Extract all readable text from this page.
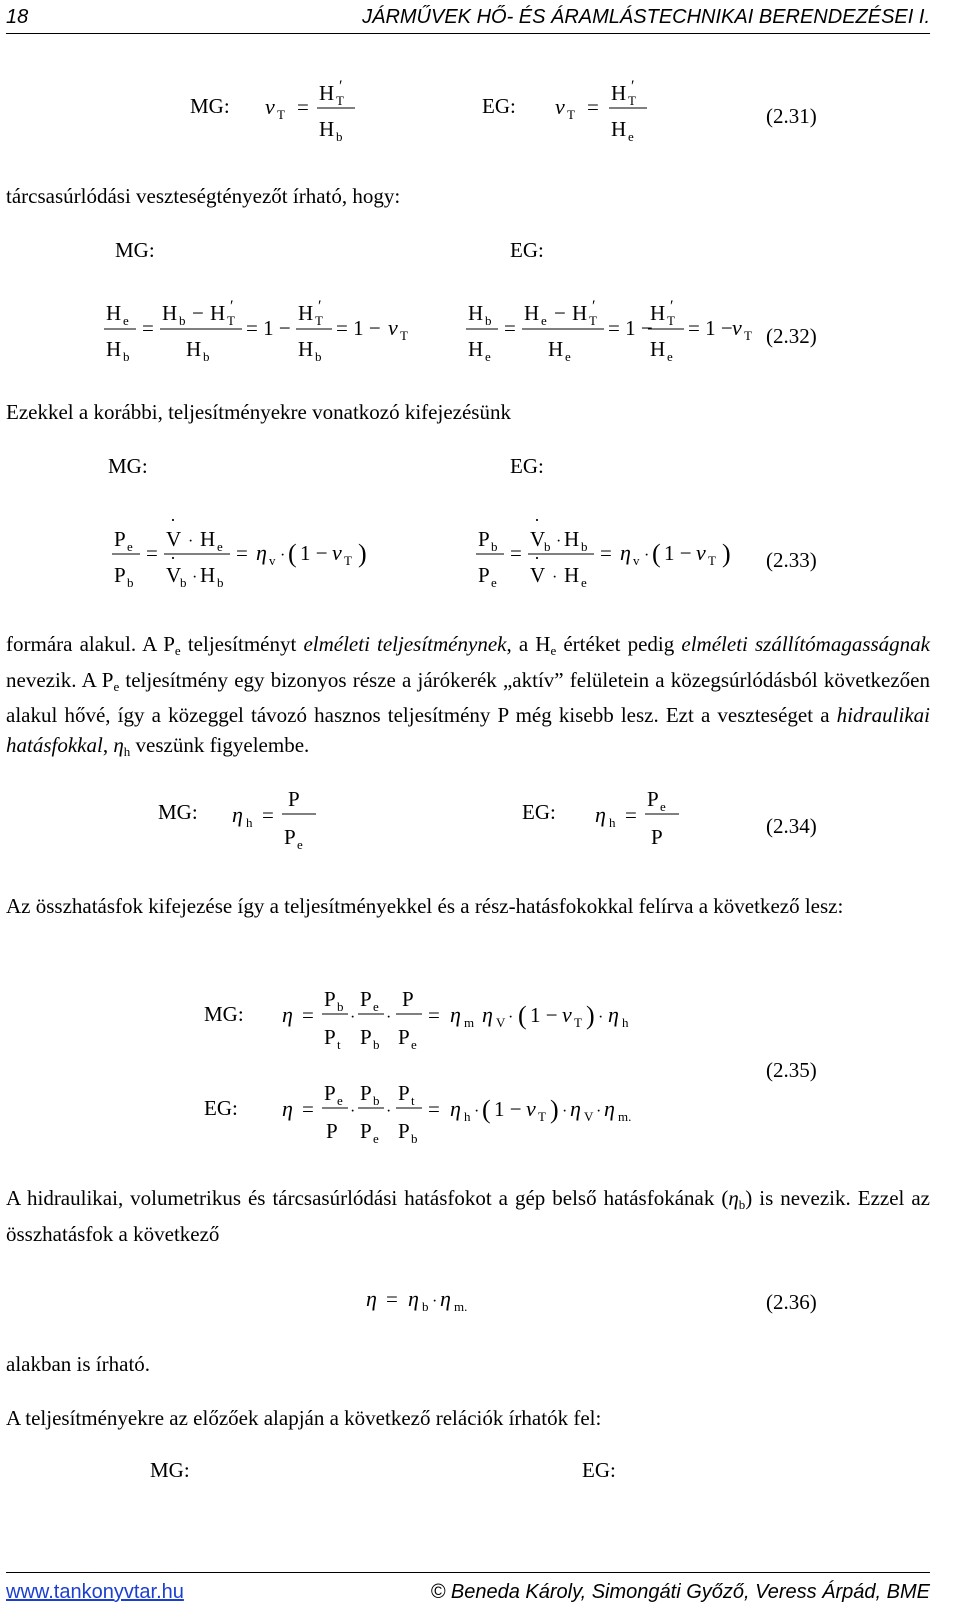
18	JÁRMŰVEK HŐ- ÉS ÁRAMLÁSTECHNIKAI BERENDEZÉSEI I.
MG: ν T =
H T
′
H b
EG: ν T =
H T
′
H e
(2.31)
tárcsasúrlódási veszteségtényezőt írható, hogy:
MG:	EG:
H e
H b
=
H b − H T
′
H b
= 1 −
H T
′
H b
= 1 − ν T
H b
H e
=
H e − H T
′
H e
= 1 −
H T
′
H e
= 1 − ν T (2.32)
Ezekkel a korábbi, teljesítményekre vonatkozó kifejezésünk
MG:	EG:
P e
P b
=
V
·
· H e
V
·
b · H b
= η v · ( 1 − ν T )	P b
P e
=
V
·
b · H b
V
·
· H e
= η v · ( 1 − ν T ) (2.33)
formára alakul. A $P_e$ teljesítményt elméleti teljesítménynek, a $H_e$ értéket pedig elméleti szállítómagasságnak nevezik. A $P_e$ teljesítmény egy bizonyos része a járókerék „aktív” felületein a közegsúrlódásból következően alakul hővé, így a közeggel távozó hasznos teljesítmény P még kisebb lesz. Ezt a veszteséget a hidraulikai hatásfokkal, $\eta_h$ veszünk figyelembe.
MG: η h =
P
P e
EG: η h =
P e
P	(2.34)
Az összhatásfok kifejezése így a teljesítményekkel és a rész-hatásfokokkal felírva a következő lesz:
MG: η =
P b
P t
·
P e
P b
·
P
P e
= η m η V · ( 1 − ν T ) · η h
EG: η =
P e
P
·
P b
P e
·
P t
P b
= η h · ( 1 − ν T ) · η V · η m.
(2.35)
A hidraulikai, volumetrikus és tárcsasúrlódási hatásfokot a gép belső hatásfokának $(\eta_b)$ is nevezik. Ezzel az összhatásfok a következő
η = η b · η m.	(2.36)
alakban is írható.
A teljesítményekre az előzőek alapján a következő relációk írhatók fel:
MG:	EG:
www.tankonyvtar.hu	© Beneda Károly, Simongáti Győző, Veress Árpád, BME
